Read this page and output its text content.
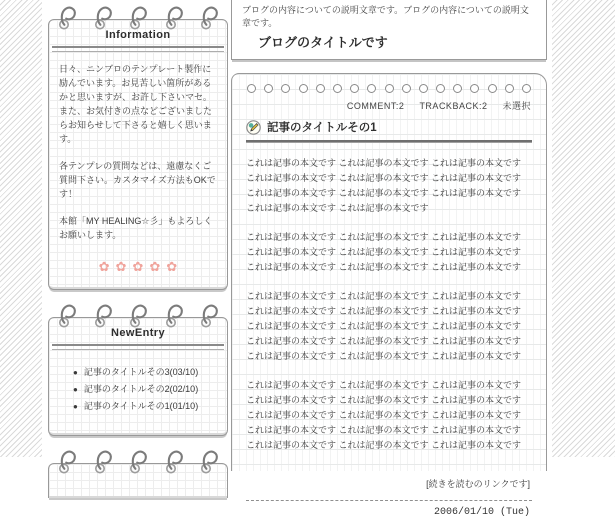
Information

日々、ニンブロのテンプレート製作に励んでいます。お見苦しい箇所があるかと思いますが、お許し下さいマセ。また、お気付きの点などございましたらお知らせして下さると嬉しく思います。

各テンプレの質問などは、遠慮なくご質問下さい。カスタマイズ方法もOKです！

本館「MY HEALING☆彡」もよろしくお願いします。

✿ ✿ ✿ ✿ ✿
NewEntry
● 記事のタイトルその3(03/10)
● 記事のタイトルその2(02/10)
● 記事のタイトルその1(01/10)

ブログの内容についての説明文章です。ブログの内容についての説明文章です。

ブログのタイトルです
COMMENT:2 TRACKBACK:2 未選択
記事のタイトルその1

これは記事の本文です これは記事の本文です これは記事の本文です これは記事の本文です これは記事の本文です これは記事の本文です これは記事の本文です これは記事の本文です これは記事の本文です これは記事の本文です これは記事の本文です

これは記事の本文です これは記事の本文です これは記事の本文です これは記事の本文です これは記事の本文です これは記事の本文です これは記事の本文です これは記事の本文です これは記事の本文です

これは記事の本文です これは記事の本文です これは記事の本文です これは記事の本文です これは記事の本文です これは記事の本文です これは記事の本文です これは記事の本文です これは記事の本文です これは記事の本文です これは記事の本文です これは記事の本文です これは記事の本文です これは記事の本文です これは記事の本文です

これは記事の本文です これは記事の本文です これは記事の本文です これは記事の本文です これは記事の本文です これは記事の本文です これは記事の本文です これは記事の本文です これは記事の本文です これは記事の本文です これは記事の本文です これは記事の本文です これは記事の本文です これは記事の本文です これは記事の本文です

[続きを読むのリンクです]
2006/01/10 (Tue)
